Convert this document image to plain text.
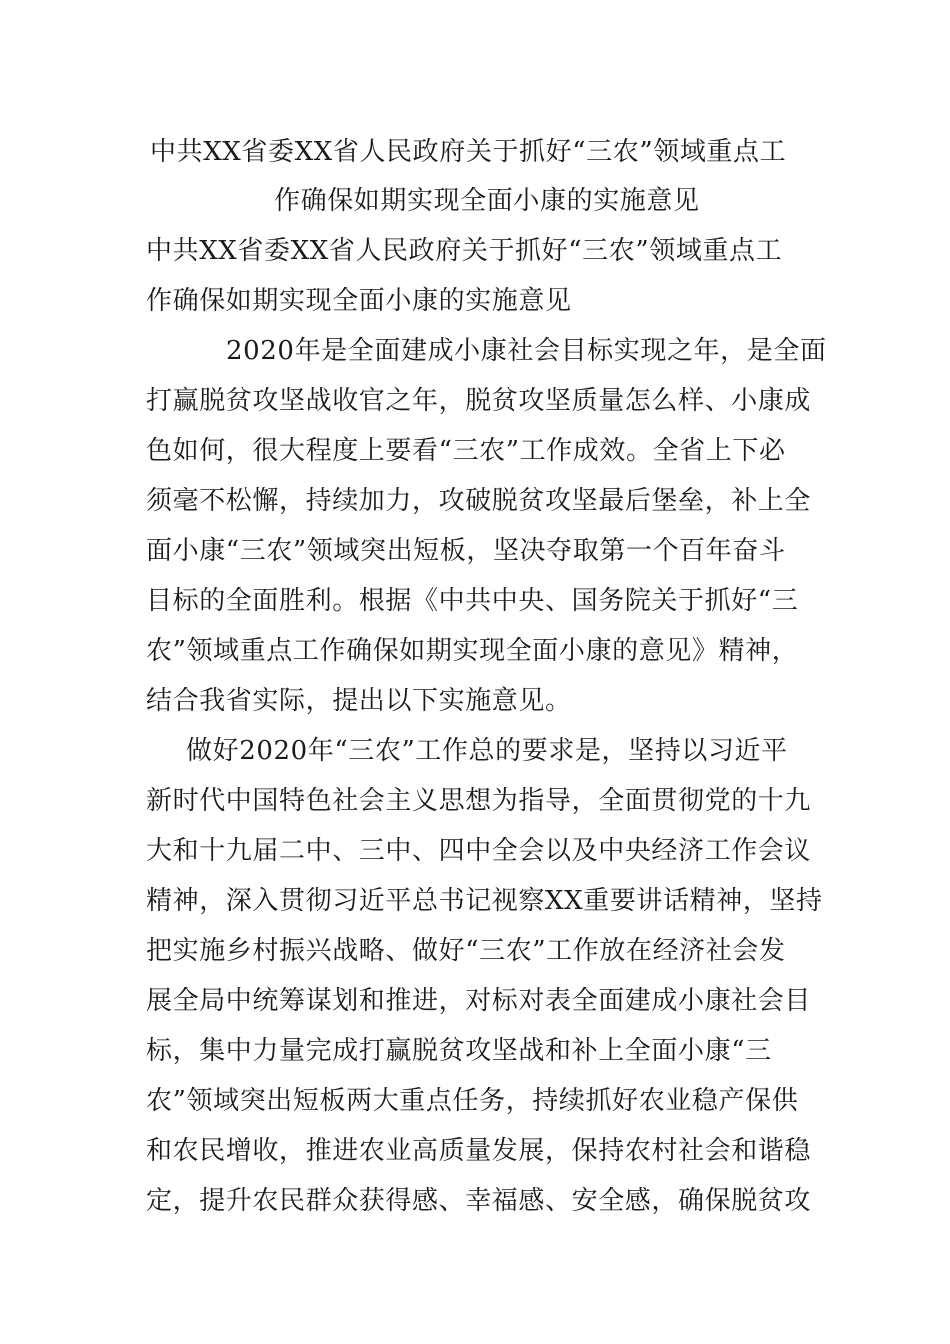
中共XX省委XX省人民政府关于抓好“三农”领域重点工
作确保如期实现全面小康的实施意见
中共XX省委XX省人民政府关于抓好“三农”领域重点工
作确保如期实现全面小康的实施意见
2020年是全面建成小康社会目标实现之年，是全面
打赢脱贫攻坚战收官之年，脱贫攻坚质量怎么样、小康成
色如何，很大程度上要看“三农”工作成效。全省上下必
须毫不松懈，持续加力，攻破脱贫攻坚最后堡垒，补上全
面小康“三农”领域突出短板，坚决夺取第一个百年奋斗
目标的全面胜利。根据《中共中央、国务院关于抓好“三
农”领域重点工作确保如期实现全面小康的意见》精神，
结合我省实际，提出以下实施意见。
做好2020年“三农”工作总的要求是，坚持以习近平
新时代中国特色社会主义思想为指导，全面贯彻党的十九
大和十九届二中、三中、四中全会以及中央经济工作会议
精神，深入贯彻习近平总书记视察XX重要讲话精神，坚持
把实施乡村振兴战略、做好“三农”工作放在经济社会发
展全局中统筹谋划和推进，对标对表全面建成小康社会目
标，集中力量完成打赢脱贫攻坚战和补上全面小康“三
农”领域突出短板两大重点任务，持续抓好农业稳产保供
和农民增收，推进农业高质量发展，保持农村社会和谐稳
定，提升农民群众获得感、幸福感、安全感，确保脱贫攻
